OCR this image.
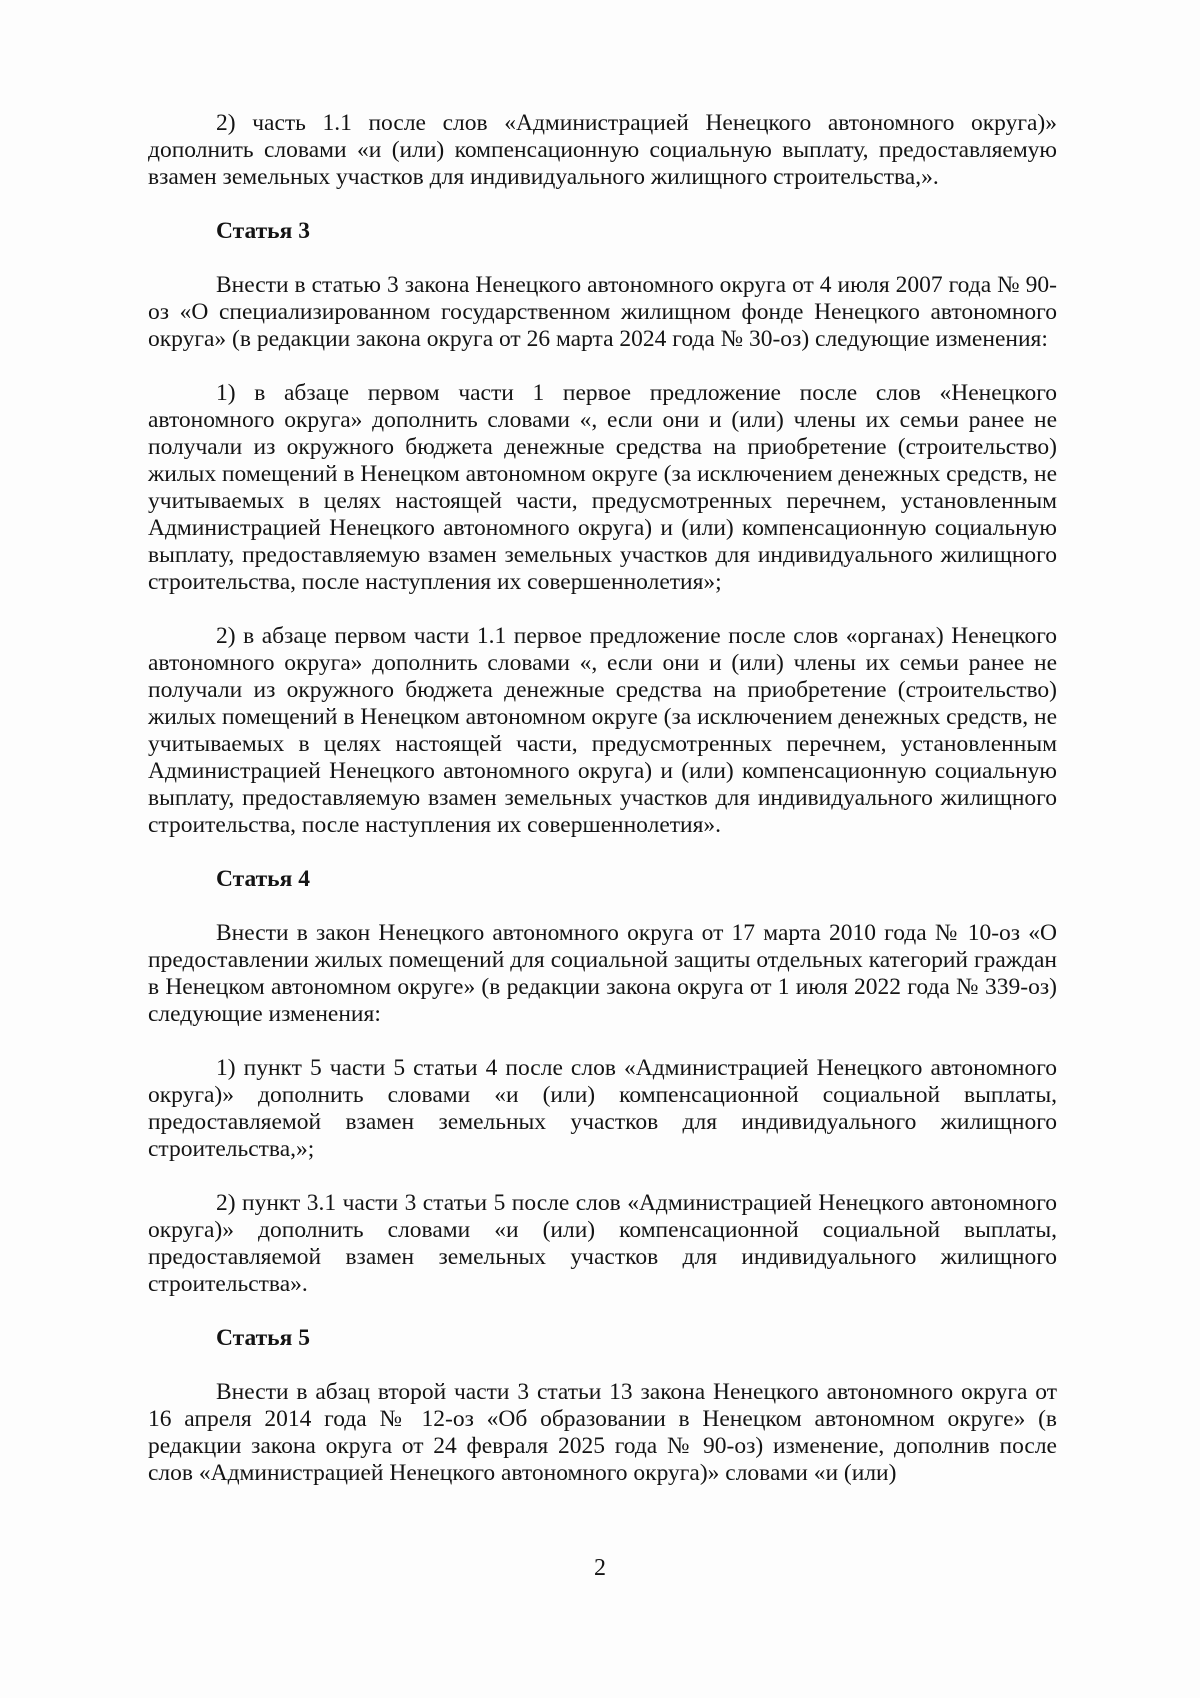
2) часть 1.1 после слов «Администрацией Ненецкого автономного округа)» дополнить словами «и (или) компенсационную социальную выплату, предоставляемую взамен земельных участков для индивидуального жилищного строительства,».

Статья 3

Внести в статью 3 закона Ненецкого автономного округа от 4 июля 2007 года № 90-оз «О специализированном государственном жилищном фонде Ненецкого автономного округа» (в редакции закона округа от 26 марта 2024 года № 30-оз) следующие изменения:

1) в абзаце первом части 1 первое предложение после слов «Ненецкого автономного округа» дополнить словами «, если они и (или) члены их семьи ранее не получали из окружного бюджета денежные средства на приобретение (строительство) жилых помещений в Ненецком автономном округе (за исключением денежных средств, не учитываемых в целях настоящей части, предусмотренных перечнем, установленным Администрацией Ненецкого автономного округа) и (или) компенсационную социальную выплату, предоставляемую взамен земельных участков для индивидуального жилищного строительства, после наступления их совершеннолетия»;

2) в абзаце первом части 1.1 первое предложение после слов «органах) Ненецкого автономного округа» дополнить словами «, если они и (или) члены их семьи ранее не получали из окружного бюджета денежные средства на приобретение (строительство) жилых помещений в Ненецком автономном округе (за исключением денежных средств, не учитываемых в целях настоящей части, предусмотренных перечнем, установленным Администрацией Ненецкого автономного округа) и (или) компенсационную социальную выплату, предоставляемую взамен земельных участков для индивидуального жилищного строительства, после наступления их совершеннолетия».

Статья 4

Внести в закон Ненецкого автономного округа от 17 марта 2010 года № 10-оз «О предоставлении жилых помещений для социальной защиты отдельных категорий граждан в Ненецком автономном округе» (в редакции закона округа от 1 июля 2022 года № 339-оз) следующие изменения:

1) пункт 5 части 5 статьи 4 после слов «Администрацией Ненецкого автономного округа)» дополнить словами «и (или) компенсационной социальной выплаты, предоставляемой взамен земельных участков для индивидуального жилищного строительства,»;

2) пункт 3.1 части 3 статьи 5 после слов «Администрацией Ненецкого автономного округа)» дополнить словами «и (или) компенсационной социальной выплаты, предоставляемой взамен земельных участков для индивидуального жилищного строительства».

Статья 5

Внести в абзац второй части 3 статьи 13 закона Ненецкого автономного округа от 16 апреля 2014 года № 12-оз «Об образовании в Ненецком автономном округе» (в редакции закона округа от 24 февраля 2025 года № 90-оз) изменение, дополнив после слов «Администрацией Ненецкого автономного округа)» словами «и (или)

2
